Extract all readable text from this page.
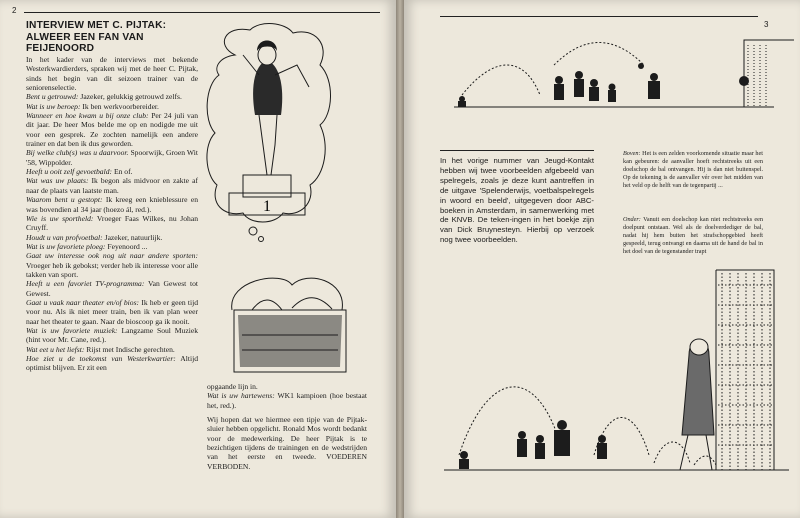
2
INTERVIEW MET C. PIJTAK:
ALWEER EEN FAN VAN FEIJENOORD

In het kader van de interviews met bekende Westerkwardierders, spraken wij met de heer C. Pijtak, sinds het begin van dit seizoen trainer van de seniorenselectie.

Bent u getrouwd: Jazeker, gelukkig getrouwd zelfs.

Wat is uw beroep: Ik ben werkvoorbereider.

Wanneer en hoe kwam u bij onze club: Per 24 juli van dit jaar. De heer Mos belde me op en nodigde me uit voor een gesprek. Ze zochten namelijk een andere trainer en dat ben ik dus geworden.

Bij welke club(s) was u daarvoor. Spoorwijk, Groen Wit '58, Wippolder.

Heeft u ooit zelf gevoetbald: En of.

Wat was uw plaats: Ik begon als midvoor en zakte af naar de plaats van laatste man.

Waarom bent u gestopt: Ik kreeg een knieblessure en was bovendien al 34 jaar (hoezo ál, red.).

Wie is uw sportheld: Vroeger Faas Wilkes, nu Johan Cruyff.

Houdt u van profvoetbal: Jazeker, natuurlijk.

Wat is uw favoriete ploeg: Feyenoord ...

Gaat uw interesse ook nog uit naar andere sporten: Vroeger heb ik gebokst; verder heb ik interesse voor alle takken van sport.

Heeft u een favoriet TV-programma: Van Gewest tot Gewest.

Gaat u vaak naar theater en/of bios: Ik heb er geen tijd voor nu. Als ik niet meer train, ben ik van plan weer naar het theater te gaan. Naar de bioscoop ga ik nooit.

Wat is uw favoriete muziek: Langzame Soul Muziek (hint voor Mr. Cane, red.).

Wat eet u het liefst: Rijst met Indische gerechten.

Hoe ziet u de toekomst van Westerkwartier: Altijd optimist blijven. Er zit een

1

opgaande lijn in.

Wat is uw hartewens: WK1 kampioen (hoe bestaat het, red.).

Wij hopen dat we hiermee een tipje van de Pijtak-sluier hebben opgelicht. Ronald Mos wordt bedankt voor de medewerking. De heer Pijtak is te bezichtigen tijdens de trainingen en de wedstrijden van het eerste en tweede. VOEDEREN VERBODEN.

3
In het vorige nummer van Jeugd-Kontakt hebben wij twee voorbeelden afgebeeld van spelregels, zoals je deze kunt aantreffen in de uitgave 'Spelenderwijs, voetbalspelregels in woord en beeld', uitgegeven door ABC-boeken in Amsterdam, in samenwerking met de KNVB. De teken-ingen in het boekje zijn van Dick Bruynesteyn. Hierbij op verzoek nog twee voorbeelden.
Boven: Het is een zelden voorkomende situatie maar het kan gebeuren: de aanvaller hoeft rechtstreeks uit een doelschop de bal ontvangen. Hij is dan niet buitenspel. Op de tekening is de aanvaller vér over het midden van het veld op de helft van de tegenpartij ...
Onder: Vanuit een doelschop kan niet rechtstreeks een doelpunt ontstaan. Wel als de doelverdediger de bal, nadat hij hem buiten het strafschopgebied heeft gespeeld, terug ontvangt en daarna uit de hand de bal in het doel van de tegenstander trapt
